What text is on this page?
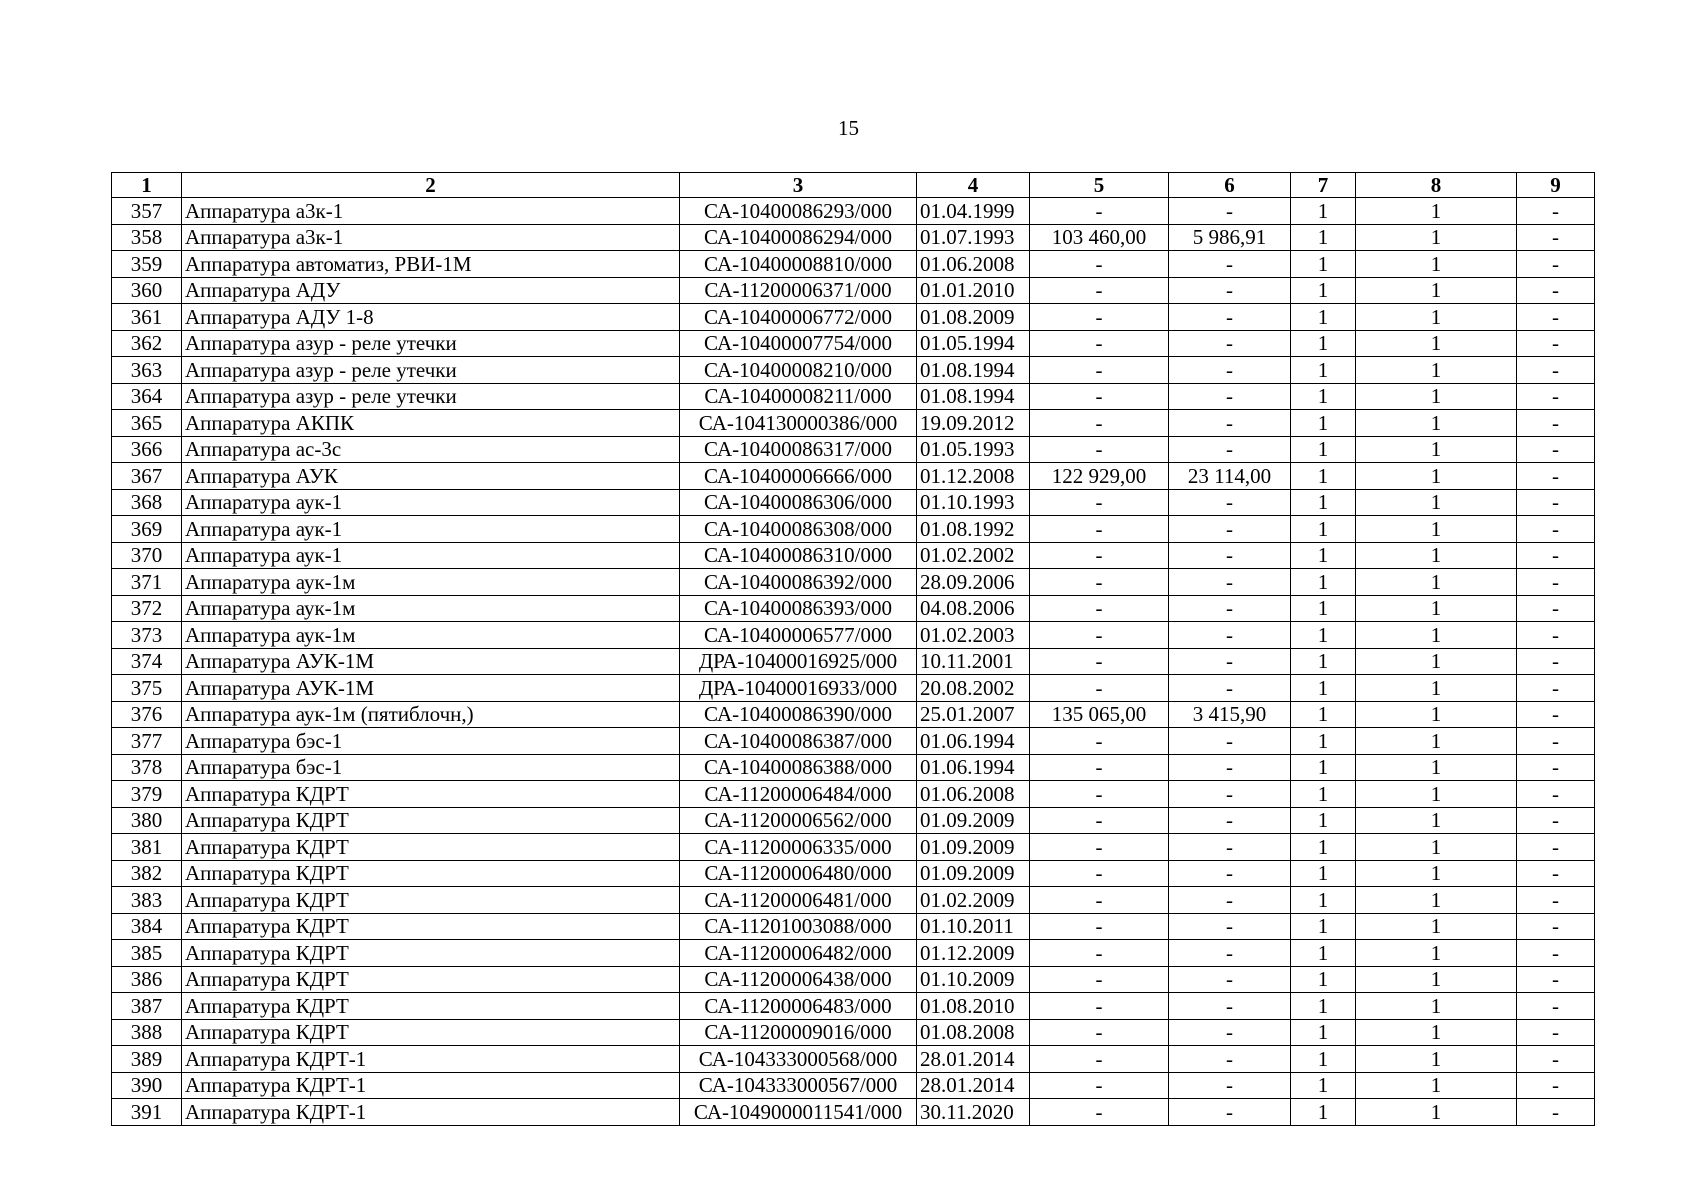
15
1	2	3	4	5	6	7	8	9
357	Аппаратура а3к-1	СА-10400086293/000	01.04.1999	-	-	1	1	-
358	Аппаратура а3к-1	СА-10400086294/000	01.07.1993	103 460,00	5 986,91	1	1	-
359	Аппаратура автоматиз, РВИ-1М	СА-10400008810/000	01.06.2008	-	-	1	1	-
360	Аппаратура АДУ	СА-11200006371/000	01.01.2010	-	-	1	1	-
361	Аппаратура АДУ 1-8	СА-10400006772/000	01.08.2009	-	-	1	1	-
362	Аппаратура азур - реле утечки	СА-10400007754/000	01.05.1994	-	-	1	1	-
363	Аппаратура азур - реле утечки	СА-10400008210/000	01.08.1994	-	-	1	1	-
364	Аппаратура азур - реле утечки	СА-10400008211/000	01.08.1994	-	-	1	1	-
365	Аппаратура АКПК	СА-104130000386/000	19.09.2012	-	-	1	1	-
366	Аппаратура ас-3с	СА-10400086317/000	01.05.1993	-	-	1	1	-
367	Аппаратура АУК	СА-10400006666/000	01.12.2008	122 929,00	23 114,00	1	1	-
368	Аппаратура аук-1	СА-10400086306/000	01.10.1993	-	-	1	1	-
369	Аппаратура аук-1	СА-10400086308/000	01.08.1992	-	-	1	1	-
370	Аппаратура аук-1	СА-10400086310/000	01.02.2002	-	-	1	1	-
371	Аппаратура аук-1м	СА-10400086392/000	28.09.2006	-	-	1	1	-
372	Аппаратура аук-1м	СА-10400086393/000	04.08.2006	-	-	1	1	-
373	Аппаратура аук-1м	СА-10400006577/000	01.02.2003	-	-	1	1	-
374	Аппаратура АУК-1М	ДРА-10400016925/000	10.11.2001	-	-	1	1	-
375	Аппаратура АУК-1М	ДРА-10400016933/000	20.08.2002	-	-	1	1	-
376	Аппаратура аук-1м (пятиблочн,)	СА-10400086390/000	25.01.2007	135 065,00	3 415,90	1	1	-
377	Аппаратура бэс-1	СА-10400086387/000	01.06.1994	-	-	1	1	-
378	Аппаратура бэс-1	СА-10400086388/000	01.06.1994	-	-	1	1	-
379	Аппаратура КДРТ	СА-11200006484/000	01.06.2008	-	-	1	1	-
380	Аппаратура КДРТ	СА-11200006562/000	01.09.2009	-	-	1	1	-
381	Аппаратура КДРТ	СА-11200006335/000	01.09.2009	-	-	1	1	-
382	Аппаратура КДРТ	СА-11200006480/000	01.09.2009	-	-	1	1	-
383	Аппаратура КДРТ	СА-11200006481/000	01.02.2009	-	-	1	1	-
384	Аппаратура КДРТ	СА-11201003088/000	01.10.2011	-	-	1	1	-
385	Аппаратура КДРТ	СА-11200006482/000	01.12.2009	-	-	1	1	-
386	Аппаратура КДРТ	СА-11200006438/000	01.10.2009	-	-	1	1	-
387	Аппаратура КДРТ	СА-11200006483/000	01.08.2010	-	-	1	1	-
388	Аппаратура КДРТ	СА-11200009016/000	01.08.2008	-	-	1	1	-
389	Аппаратура КДРТ-1	СА-104333000568/000	28.01.2014	-	-	1	1	-
390	Аппаратура КДРТ-1	СА-104333000567/000	28.01.2014	-	-	1	1	-
391	Аппаратура КДРТ-1	СА-1049000011541/000	30.11.2020	-	-	1	1	-
